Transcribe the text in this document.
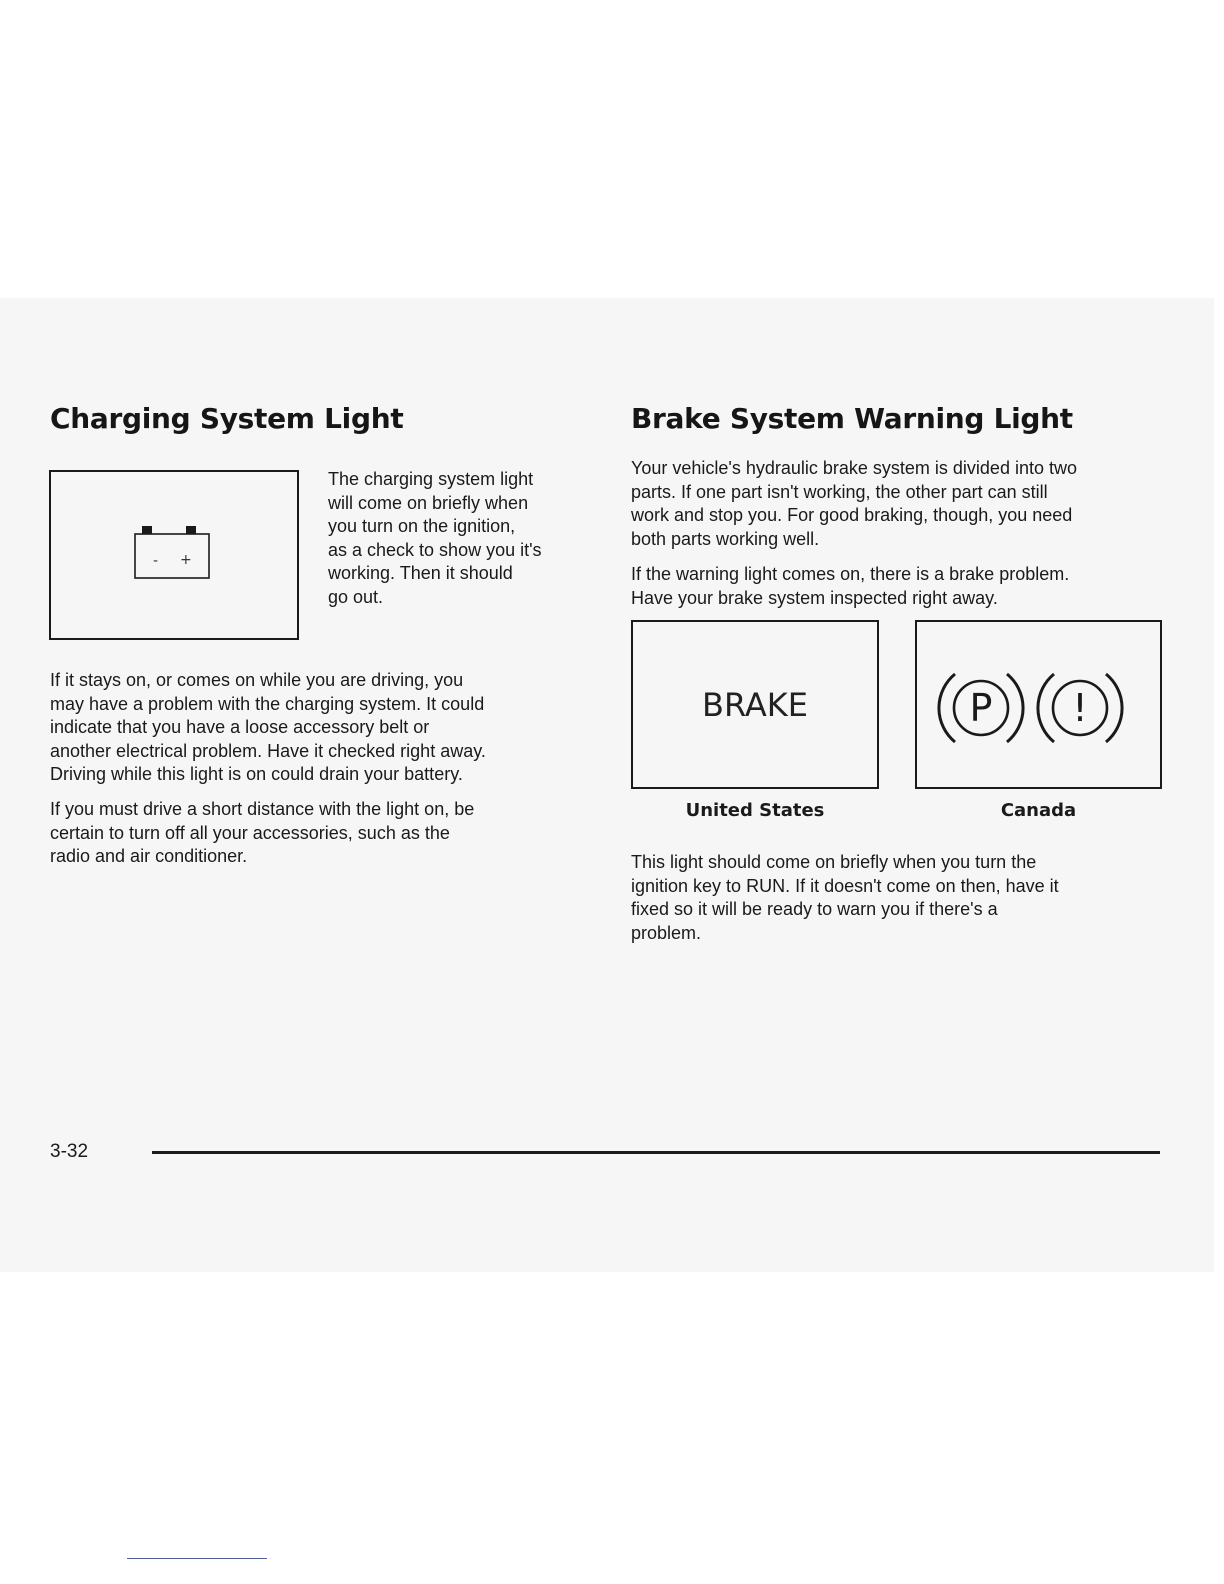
Charging System Light
- +

The charging system light

will come on briefly when

you turn on the ignition,

as a check to show you it's

working. Then it should

go out.

If it stays on, or comes on while you are driving, you

may have a problem with the charging system. It could

indicate that you have a loose accessory belt or

another electrical problem. Have it checked right away.

Driving while this light is on could drain your battery.

If you must drive a short distance with the light on, be

certain to turn off all your accessories, such as the

radio and air conditioner.

Brake System Warning Light

Your vehicle's hydraulic brake system is divided into two

parts. If one part isn't working, the other part can still

work and stop you. For good braking, though, you need

both parts working well.

If the warning light comes on, there is a brake problem.

Have your brake system inspected right away.

BRAKE
United States
P !
Canada

This light should come on briefly when you turn the

ignition key to RUN. If it doesn't come on then, have it

fixed so it will be ready to warn you if there's a

problem.

3-32
